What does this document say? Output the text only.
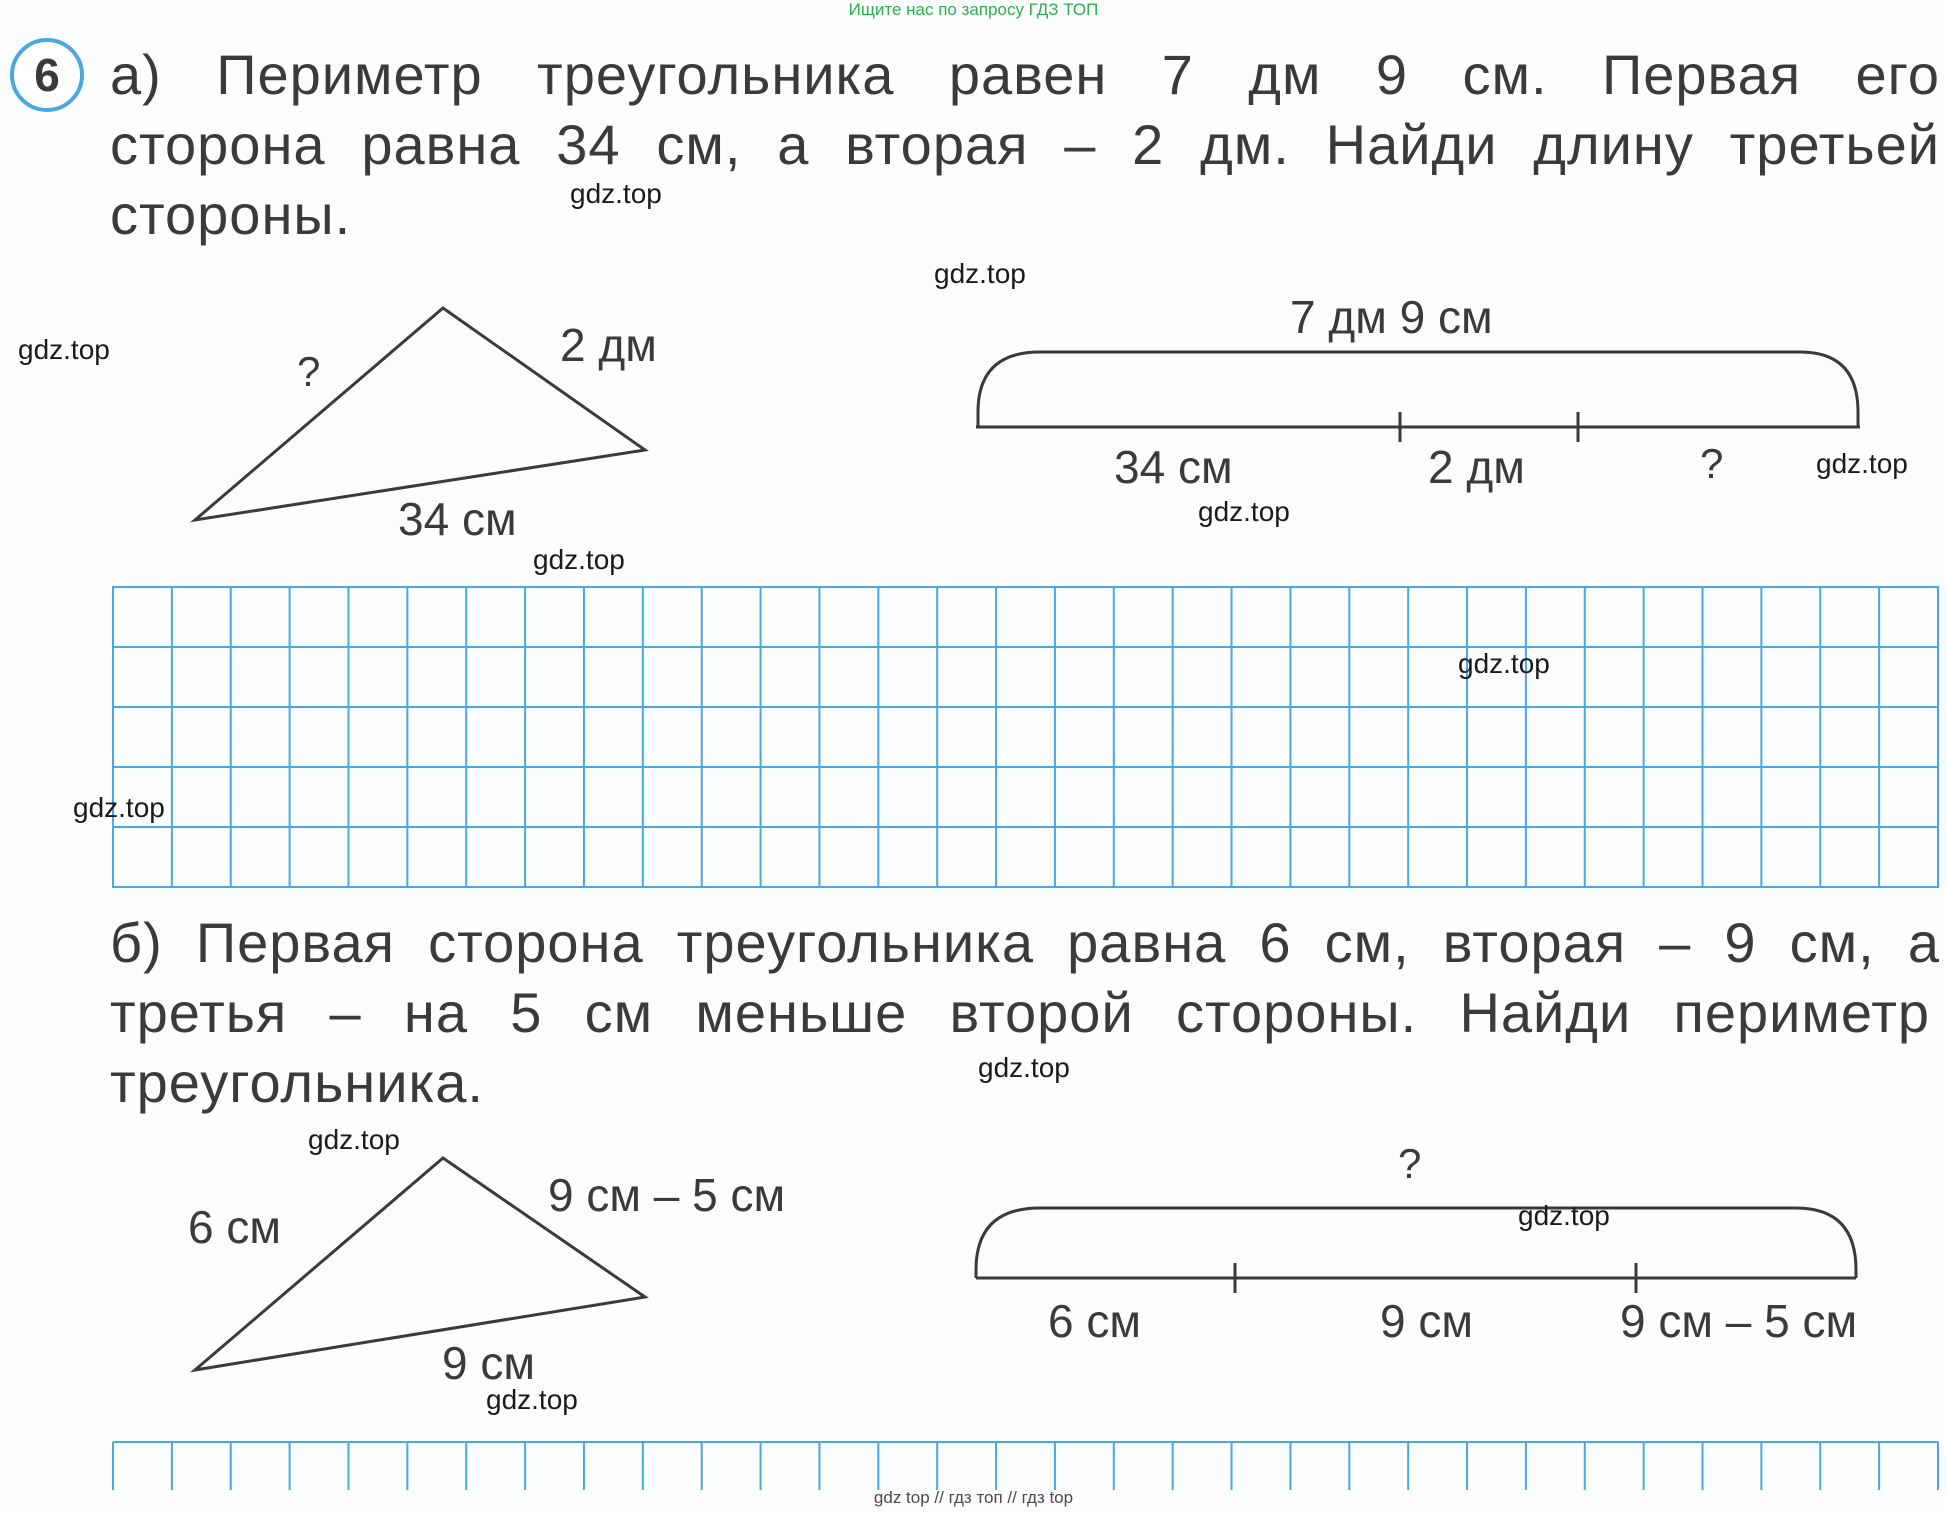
Ищите нас по запросу ГДЗ ТОП
6 а) Периметр треугольника равен 7 дм 9 см. Первая его
сторона равна 34 см, а вторая – 2 дм. Найди длину третьей
стороны.
?
2 дм
34 см
7 дм 9 см
34 см	2 дм	?
б) Первая сторона треугольника равна 6 см, вторая – 9 см, а
третья – на 5 см меньше второй стороны. Найди периметр
треугольника.
6 см
9 см – 5 см
9 см
?
6 см	9 см	9 см – 5 см
gdz.top
gdz.top
gdz.top
gdz.top
gdz.top
gdz.top
gdz.top
gdz.top
gdz.top
gdz.top
gdz.top
gdz.top
gdz top // гдз топ // гдз top
